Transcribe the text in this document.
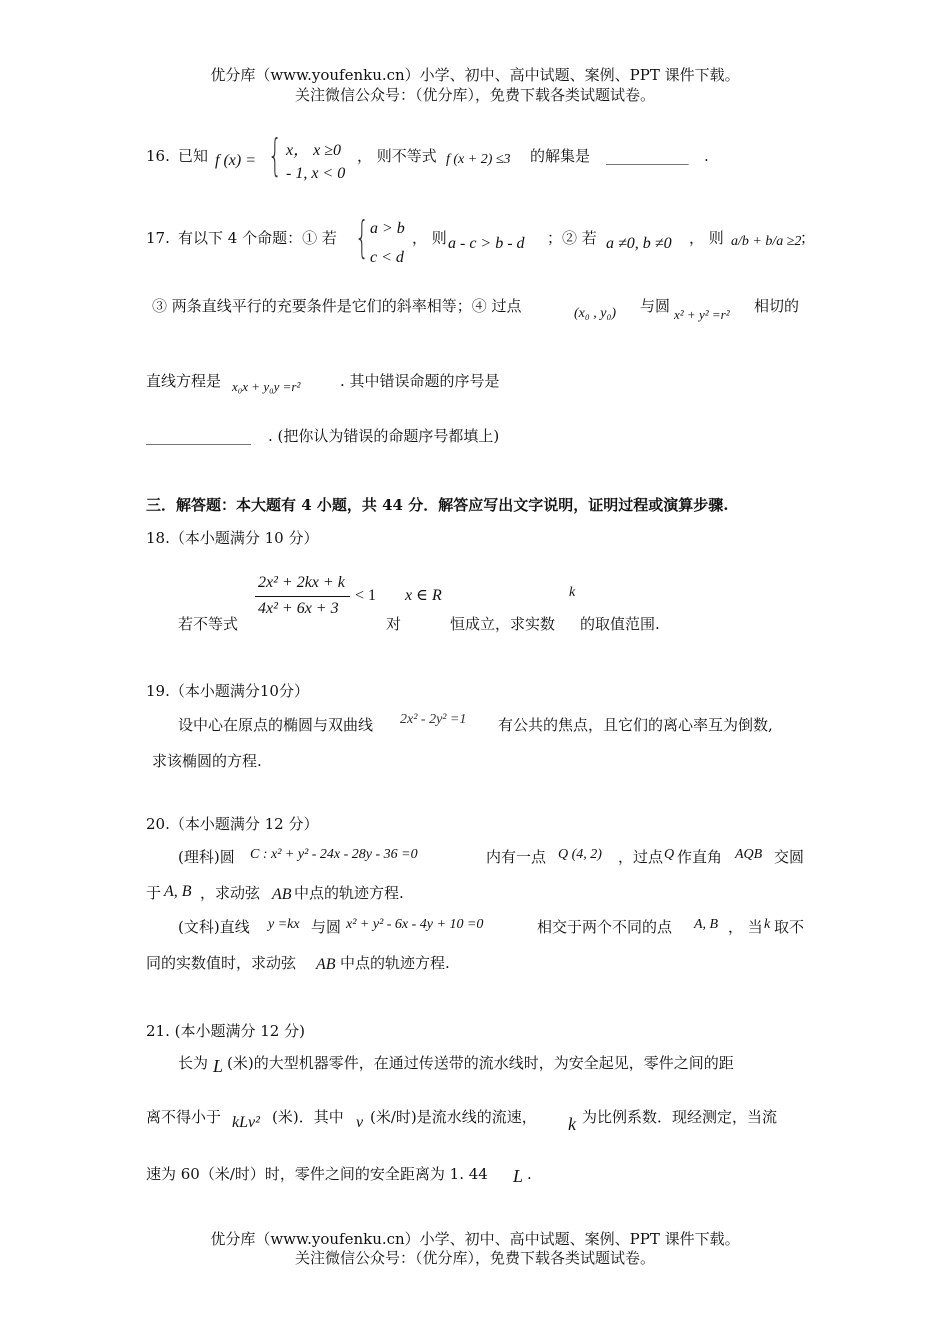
优分库（www.youfenku.cn）小学、初中、高中试题、案例、PPT 课件下载。
关注微信公众号：（优分库），免费下载各类试题试卷。
16. 已知 f (x) = { x， x ≥0
- 1, x < 0
， 则不等式 f (x + 2) ≤3 的解集是 ___________ .
17. 有以下 4 个命题：① 若 { a > b
c < d
， 则 a - c > b - d ；② 若 a ≠0, b ≠0 ， 则 a/b + b/a ≥2
；
③ 两条直线平行的充要条件是它们的斜率相等；④ 过点	(x₀ , y₀) 与圆 x² + y² =r² 相切的
直线方程是 x₀x + y₀y =r²	. 其中错误命题的序号是
______________ . (把你认为错误的命题序号都填上)
三．解答题：本大题有 4 小题，共 44 分．解答应写出文字说明，证明过程或演算步骤.
18.（本小题满分 10 分）
2x² + 2kx + k
4x² + 6x + 3
< 1 x ∈ R	k
若不等式	对	恒成立，求实数 的取值范围.
19.（本小题满分10分）
设中心在原点的椭圆与双曲线 2x² - 2y² =1 有公共的焦点，且它们的离心率互为倒数,
求该椭圆的方程.
20.（本小题满分 12 分）
(理科)圆 C : x² + y² - 24x - 28y - 36 =0	内有一点 Q (4, 2) ，过点 Q 作直角 AQB 交圆
于 A, B ，求动弦 AB 中点的轨迹方程.
(文科)直线 y =kx 与圆 x² + y² - 6x - 4y + 10 =0	相交于两个不同的点 A, B ， 当 k 取不
同的实数值时，求动弦 AB 中点的轨迹方程.
21. (本小题满分 12 分)
长为 L (米)的大型机器零件，在通过传送带的流水线时，为安全起见，零件之间的距
离不得小于 kLv² (米)．其中 v (米/时)是流水线的流速， k 为比例系数．现经测定，当流
速为 60（米/时）时，零件之间的安全距离为 1. 44 L .
优分库（www.youfenku.cn）小学、初中、高中试题、案例、PPT 课件下载。
关注微信公众号：（优分库），免费下载各类试题试卷。
